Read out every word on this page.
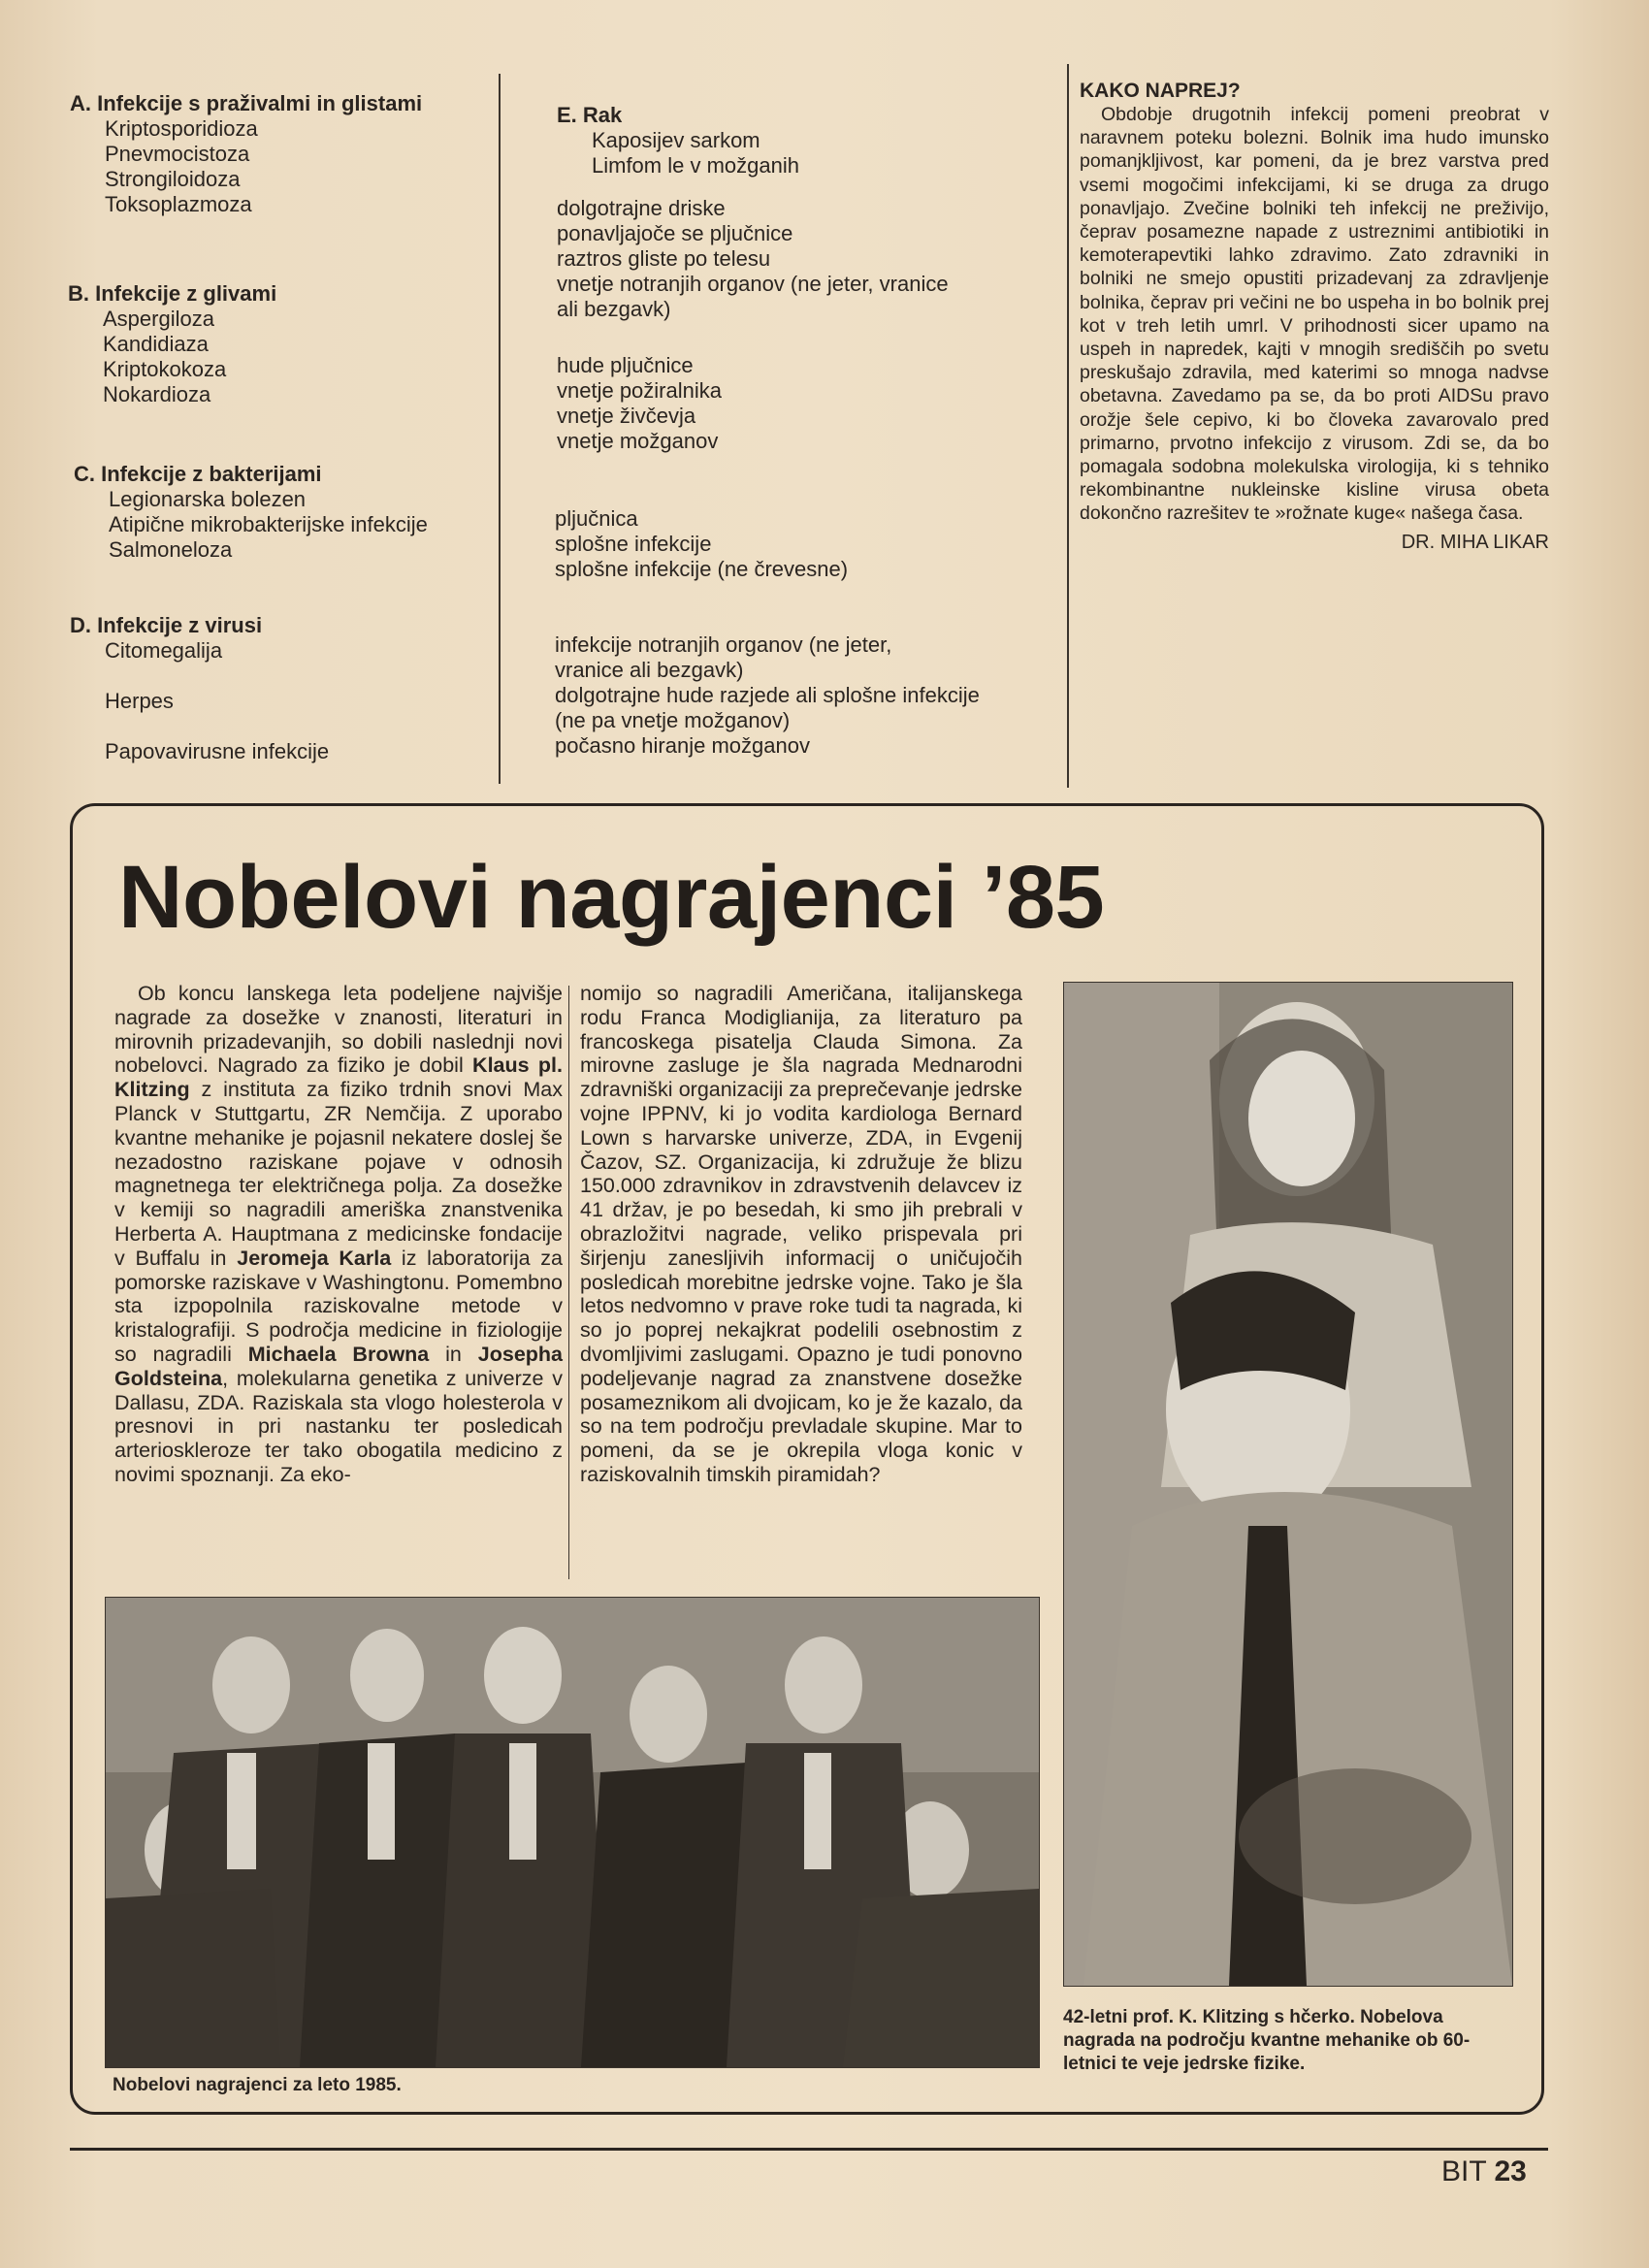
A. Infekcije s praživalmi in glistami
Kriptosporidioza
Pnevmocistoza
Strongiloidoza
Toksoplazmoza
B. Infekcije z glivami
Aspergiloza
Kandidiaza
Kriptokokoza
Nokardioza
C. Infekcije z bakterijami
Legionarska bolezen
Atipične mikrobakterijske infekcije
Salmoneloza
D. Infekcije z virusi
Citomegalija
Herpes
Papovavirusne infekcije
E. Rak
Kaposijev sarkom
Limfom le v možganih
dolgotrajne driske
ponavljajoče se pljučnice
raztros gliste po telesu
vnetje notranjih organov (ne jeter, vranice
ali bezgavk)
hude pljučnice
vnetje požiralnika
vnetje živčevja
vnetje možganov
pljučnica
splošne infekcije
splošne infekcije (ne črevesne)
infekcije notranjih organov (ne jeter,
vranice ali bezgavk)
dolgotrajne hude razjede ali splošne infekcije
(ne pa vnetje možganov)
počasno hiranje možganov
KAKO NAPREJ?
Obdobje drugotnih infekcij pomeni preobrat v naravnem poteku bolezni. Bolnik ima hudo imunsko pomanjkljivost, kar pomeni, da je brez varstva pred vsemi mogočimi infekcijami, ki se druga za drugo ponavljajo. Zvečine bolniki teh infekcij ne preživijo, čeprav posamezne napade z ustreznimi antibiotiki in kemoterapevtiki lahko zdravimo. Zato zdravniki in bolniki ne smejo opustiti prizadevanj za zdravljenje bolnika, čeprav pri večini ne bo uspeha in bo bolnik prej kot v treh letih umrl. V prihodnosti sicer upamo na uspeh in napredek, kajti v mnogih središčih po svetu preskušajo zdravila, med katerimi so mnoga nadvse obetavna. Zavedamo pa se, da bo proti AIDSu pravo orožje šele cepivo, ki bo človeka zavarovalo pred primarno, prvotno infekcijo z virusom. Zdi se, da bo pomagala sodobna molekulska virologija, ki s tehniko rekombinantne nukleinske kisline virusa obeta dokončno razrešitev te »rožnate kuge« našega časa.
DR. MIHA LIKAR
Nobelovi nagrajenci ’85

Ob koncu lanskega leta podeljene najvišje nagrade za dosežke v znanosti, literaturi in mirovnih prizadevanjih, so dobili naslednji novi nobelovci. Nagrado za fiziko je dobil Klaus pl. Klitzing z instituta za fiziko trdnih snovi Max Planck v Stuttgartu, ZR Nemčija. Z uporabo kvantne mehanike je pojasnil nekatere doslej še nezadostno raziskane pojave v odnosih magnetnega ter električnega polja. Za dosežke v kemiji so nagradili ameriška znanstvenika Herberta A. Hauptmana z medicinske fondacije v Buffalu in Jeromeja Karla iz laboratorija za pomorske raziskave v Washingtonu. Pomembno sta izpopolnila raziskovalne metode v kristalografiji. S področja medicine in fiziologije so nagradili Michaela Browna in Josepha Goldsteina, molekularna genetika z univerze v Dallasu, ZDA. Raziskala sta vlogo holesterola v presnovi in pri nastanku ter posledicah arterioskleroze ter tako obogatila medicino z novimi spoznanji. Za eko-

nomijo so nagradili Američana, italijanskega rodu Franca Modiglianija, za literaturo pa francoskega pisatelja Clauda Simona. Za mirovne zasluge je šla nagrada Mednarodni zdravniški organizaciji za preprečevanje jedrske vojne IPPNV, ki jo vodita kardiologa Bernard Lown s harvarske univerze, ZDA, in Evgenij Čazov, SZ. Organizacija, ki združuje že blizu 150.000 zdravnikov in zdravstvenih delavcev iz 41 držav, je po besedah, ki smo jih prebrali v obrazložitvi nagrade, veliko prispevala pri širjenju zanesljivih informacij o uničujočih posledicah morebitne jedrske vojne. Tako je šla letos nedvomno v prave roke tudi ta nagrada, ki so jo poprej nekajkrat podelili osebnostim z dvomljivimi zaslugami. Opazno je tudi ponovno podeljevanje nagrad za znanstvene dosežke posameznikom ali dvojicam, ko je že kazalo, da so na tem področju prevladale skupine. Mar to pomeni, da se je okrepila vloga konic v raziskovalnih timskih piramidah?

42-letni prof. K. Klitzing s hčerko. Nobelova nagrada na področju kvantne mehanike ob 60-letnici te veje jedrske fizike.
Nobelovi nagrajenci za leto 1985.
BIT 23
